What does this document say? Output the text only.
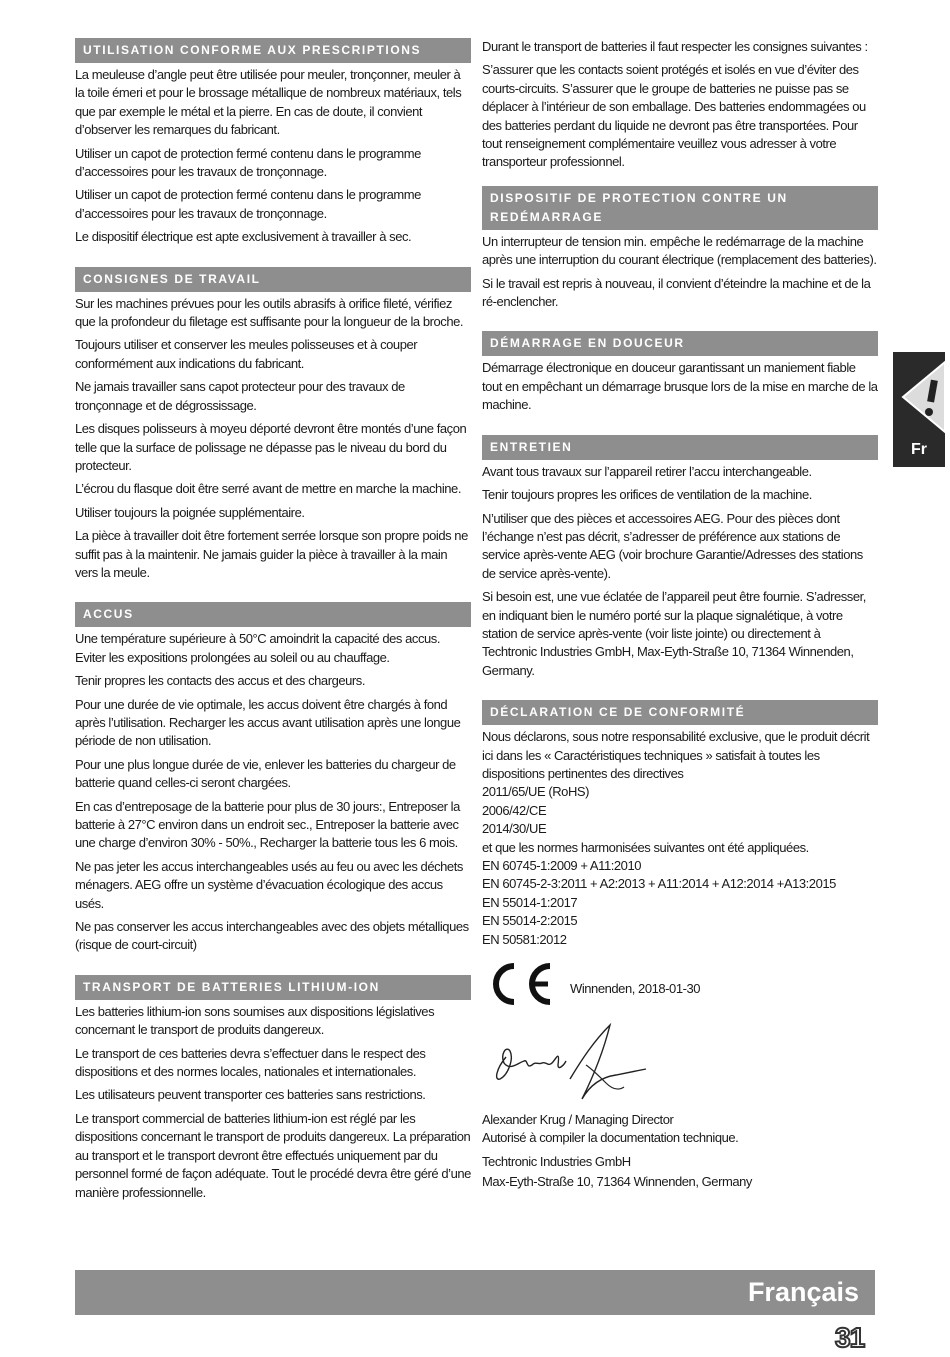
UTILISATION CONFORME AUX PRESCRIPTIONS

La meuleuse d’angle peut être utilisée pour meuler, tronçonner, meuler à la toile émeri et pour le brossage métallique de nombreux matériaux, tels que par exemple le métal et la pierre. En cas de doute, il convient d’observer les remarques du fabricant.

Utiliser un capot de protection fermé contenu dans le programme d’accessoires pour les travaux de tronçonnage.

Utiliser un capot de protection fermé contenu dans le programme d’accessoires pour les travaux de tronçonnage.

Le dispositif électrique est apte exclusivement à travailler à sec.

CONSIGNES DE TRAVAIL

Sur les machines prévues pour les outils abrasifs à orifice fileté, vérifiez que la profondeur du filetage est suffisante pour la longueur de la broche.

Toujours utiliser et conserver les meules polisseuses et à couper conformément aux indications du fabricant.

Ne jamais travailler sans capot protecteur pour des travaux de tronçonnage et de dégrossissage.

Les disques polisseurs à moyeu déporté devront être montés d’une façon telle que la surface de polissage ne dépasse pas le niveau du bord du protecteur.

L’écrou du flasque doit être serré avant de mettre en marche la machine.

Utiliser toujours la poignée supplémentaire.

La pièce à travailler doit être fortement serrée lorsque son propre poids ne suffit pas à la maintenir. Ne jamais guider la pièce à travailler à la main vers la meule.

ACCUS

Une température supérieure à 50°C amoindrit la capacité des accus. Eviter les expositions prolongées au soleil ou au chauffage.

Tenir propres les contacts des accus et des chargeurs.

Pour une durée de vie optimale, les accus doivent être chargés à fond après l’utilisation. Recharger les accus avant utilisation après une longue période de non utilisation.

Pour une plus longue durée de vie, enlever les batteries du chargeur de batterie quand celles-ci seront chargées.

En cas d’entreposage de la batterie pour plus de 30 jours:, Entreposer la batterie à 27°C environ dans un endroit sec., Entreposer la batterie avec une charge d’environ 30% - 50%., Recharger la batterie tous les 6 mois.

Ne pas jeter les accus interchangeables usés au feu ou avec les déchets ménagers. AEG offre un système d’évacuation écologique des accus usés.

Ne pas conserver les accus interchangeables avec des objets métalliques (risque de court-circuit)

TRANSPORT DE BATTERIES LITHIUM-ION

Les batteries lithium-ion sons soumises aux dispositions législatives concernant le transport de produits dangereux.

Le transport de ces batteries devra s’effectuer dans le respect des dispositions et des normes locales, nationales et internationales.

Les utilisateurs peuvent transporter ces batteries sans restrictions.

Le transport commercial de batteries lithium-ion est réglé par les dispositions concernant le transport de produits dangereux. La préparation au transport et le transport devront être effectués uniquement par du personnel formé de façon adéquate. Tout le procédé devra être géré d’une manière professionnelle.

Durant le transport de batteries il faut respecter les consignes suivantes :

S’assurer que les contacts soient protégés et isolés en vue d’éviter des courts-circuits. S’assurer que le groupe de batteries ne puisse pas se déplacer à l’intérieur de son emballage. Des batteries endommagées ou des batteries perdant du liquide ne devront pas être transportées. Pour tout renseignement complémentaire veuillez vous adresser à votre transporteur professionnel.

DISPOSITIF DE PROTECTION CONTRE UN REDÉMARRAGE

Un interrupteur de tension min. empêche le redémarrage de la machine après une interruption du courant électrique (remplacement des batteries).

Si le travail est repris à nouveau, il convient d’éteindre la machine et de la ré-enclencher.

DÉMARRAGE EN DOUCEUR

Démarrage électronique en douceur garantissant un maniement fiable tout en empêchant un démarrage brusque lors de la mise en marche de la machine.

ENTRETIEN

Avant tous travaux sur l’appareil retirer l’accu interchangeable.

Tenir toujours propres les orifices de ventilation de la machine.

N’utiliser que des pièces et accessoires AEG. Pour des pièces dont l’échange n’est pas décrit, s’adresser de préférence aux stations de service après-vente AEG (voir brochure Garantie/Adresses des stations de service après-vente).

Si besoin est, une vue éclatée de l’appareil peut être fournie. S’adresser, en indiquant bien le numéro porté sur la plaque signalétique, à votre station de service après-vente (voir liste jointe) ou directement à Techtronic Industries GmbH, Max-Eyth-Straße 10, 71364 Winnenden, Germany.

DÉCLARATION CE DE CONFORMITÉ

Nous déclarons, sous notre responsabilité exclusive, que le produit décrit ici dans les « Caractéristiques techniques » satisfait à toutes les dispositions pertinentes des directives

2011/65/UE (RoHS)
2006/42/CE
2014/30/UE
et que les normes harmonisées suivantes ont été appliquées.
EN 60745-1:2009 + A11:2010
EN 60745-2-3:2011 + A2:2013 + A11:2014 + A12:2014 +A13:2015
EN 55014-1:2017
EN 55014-2:2015
EN 50581:2012
Winnenden, 2018-01-30

Alexander Krug / Managing Director

Autorisé à compiler la documentation technique.

Techtronic Industries GmbH

Max-Eyth-Straße 10, 71364 Winnenden, Germany

Fr
Français
31
